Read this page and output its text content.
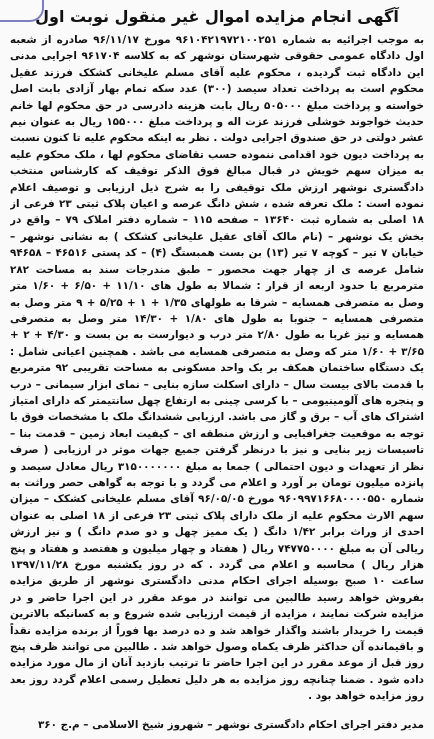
آگهی انجام مزایده اموال غیر منقول نوبت اول

به موجب اجرائیه به شماره ۹۶۱۰۴۲۱۹۷۲۱۰۰۲۵۱ مورخ ۹۶/۱۱/۱۷ صادره از شعبه اول دادگاه عمومی حقوقی شهرستان نوشهر که به کلاسه ۹۶۱۷۰۴ اجرایی مدنی این دادگاه ثبت گردیده ، محکوم علیه آقای مسلم علیخانی کشکک فرزند عقیل محکوم است به پرداخت تعداد سیصد (۳۰۰) عدد سکه تمام بهار آزادی بابت اصل خواسته و پرداخت مبلغ ۵۰۵۰۰۰ ریال بابت هزینه دادرسی در حق محکوم لها خانم حدیث خواجوند خوشلی فرزند عزت اله و پرداخت مبلغ ۱۵۵۰۰۰ ریال به عنوان نیم عشر دولتی در حق صندوق اجرایی دولت . نظر به اینکه محکوم علیه تا کنون نسبت به پرداخت دیون خود اقدامی ننموده حسب تقاضای محکوم لها ، ملک محکوم علیه به میزان سهم خویش در قبال مبالغ فوق الذکر توقیف که کارشناس منتخب دادگستری نوشهر ارزش ملک توقیفی را به شرح ذیل ارزیابی و توصیف اعلام نموده است : ملک تعرفه شده ، شش دانگ عرصه و اعیان پلاک ثبتی ۲۳ فرعی از ۱۸ اصلی به شماره ثبت ۱۳۶۴۰ – صفحه ۱۱۵ – شماره دفتر املاک ۷۹ – واقع در بخش یک نوشهر – (نام مالک آقای عقیل علیخانی کشکک ) به نشانی نوشهر – خیابان ۷ تیر – کوچه ۷ تیر (۱۳) بن بست همبستگ (۴) – کد پستی ۴۶۵۱۶ – ۹۴۶۵۸ شامل عرصه ی از چهار جهت محصور – طبق مندرجات سند به مساحت ۲۸۲ مترمربع با حدود اربعه از قرار : شمالا به طول های ۱۱/۱۰ + ۶/۵۰ + ۱/۶۰ متر وصل به متصرفی همسایه – شرقا به طولهای ۱/۳۵ + ۱ + ۵/۲۵ + ۹ متر وصل به متصرفی همسایه – جنوبا به طول های ۱/۸۰ + ۱۴/۳۰ متر وصل به متصرفی همسایه و نیز غربا به طول ۲/۸۰ متر درب و دیوارست به بن بست و ۴/۳۰ + ۲ + ۳/۶۵ + ۱/۶۰ متر که وصل به متصرفی همسایه می باشد . همچنین اعیانی شامل : یک دستگاه ساختمان همکف بر یک واحد مسکونی به مساحت تقریبی ۹۲ مترمربع با قدمت بالای بیست سال – دارای اسکلت سازه بنایی – نمای ابزار سیمانی – درب و پنجره های آلومینیومی – با کرسی چینی به ارتفاع چهل سانتیمتر که دارای امتیاز اشتراک های آب – برق و گاز می باشد. ارزیابی ششدانگ ملک با مشخصات فوق با توجه به موقعیت جغرافیایی و ارزش منطقه ای – کیفیت ابعاد زمین – قدمت بنا – تاسیسات زیر بنایی و نیز با درنظر گرفتن جمیع جهات موثر در ارزیابی ( صرف نظر از تعهدات و دیون احتمالی ) جمعا به مبلغ ۳۱۵۰۰۰۰۰۰۰ ریال معادل سیصد و پانزده میلیون تومان بر آورد و اعلام می گردد و با توجه به گواهی حصر وراثت به شماره ۹۶۰۹۹۷۱۶۶۸۰۰۰۰۵۵۰ مورخ ۹۶/۰۵/۰۵ آقای مسلم علیخانی کشکک – میزان سهم الارث محکوم علیه از ملک دارای پلاک ثبتی ۲۳ فرعی از ۱۸ اصلی به عنوان احدی از وراث برابر ۱/۴۲ دانگ ( یک ممیز چهل و دو صدم دانگ ) و نیز ارزش ریالی آن به مبلغ ۷۴۷۷۵۰۰۰۰ ریال ( هفتاد و چهار میلیون و هفتصد و هفتاد و پنج هزار ریال ) محاسبه و اعلام می گردد . که در روز یکشنبه مورخ ۱۳۹۷/۱۱/۲۸ ساعت ۱۰ صبح بوسیله اجرای احکام مدنی دادگستری نوشهر از طریق مزایده بفروش خواهد رسید طالبین می توانند در موعد مقرر در این اجرا حاضر و در مزایده شرکت نمایند ، مزایده از قیمت ارزیابی شده شروع و به کسانیکه بالاترین قیمت را خریدار باشند واگذار خواهد شد و ده درصد بها فوراً از برنده مزایده نقداً و باقیمانده آن حداکثر ظرف یکماه وصول خواهد شد . طالبین می توانند ظرف پنج روز قبل از موعد مقرر در این اجرا حاضر تا ترتیب بازدید آنان از مال مورد مزایده داده شود . ضمنا چنانچه روز مزایده به هر دلیل تعطیل رسمی اعلام گردد روز بعد روز مزایده خواهد بود .

مدیر دفتر اجرای احکام دادگستری نوشهر – شهروز شیخ الاسلامی – م.ج ۳۶۰
